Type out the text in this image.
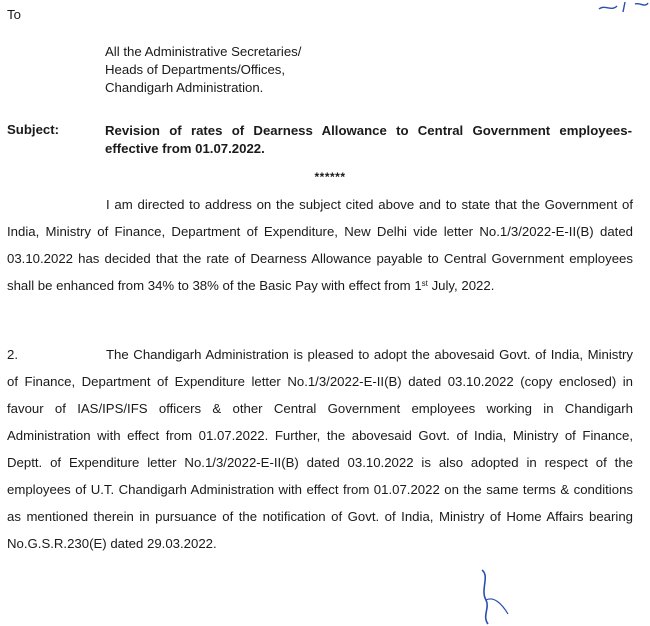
To
All the Administrative Secretaries/
Heads of Departments/Offices,
Chandigarh Administration.
Subject:	Revision of rates of Dearness Allowance to Central Government employees- effective from 01.07.2022.
******
I am directed to address on the subject cited above and to state that the Government of India, Ministry of Finance, Department of Expenditure, New Delhi vide letter No.1/3/2022-E-II(B) dated 03.10.2022 has decided that the rate of Dearness Allowance payable to Central Government employees shall be enhanced from 34% to 38% of the Basic Pay with effect from 1st July, 2022.
2.	The Chandigarh Administration is pleased to adopt the abovesaid Govt. of India, Ministry of Finance, Department of Expenditure letter No.1/3/2022-E-II(B) dated 03.10.2022 (copy enclosed) in favour of IAS/IPS/IFS officers & other Central Government employees working in Chandigarh Administration with effect from 01.07.2022. Further, the abovesaid Govt. of India, Ministry of Finance, Deptt. of Expenditure letter No.1/3/2022-E-II(B) dated 03.10.2022 is also adopted in respect of the employees of U.T. Chandigarh Administration with effect from 01.07.2022 on the same terms & conditions as mentioned therein in pursuance of the notification of Govt. of India, Ministry of Home Affairs bearing No.G.S.R.230(E) dated 29.03.2022.
